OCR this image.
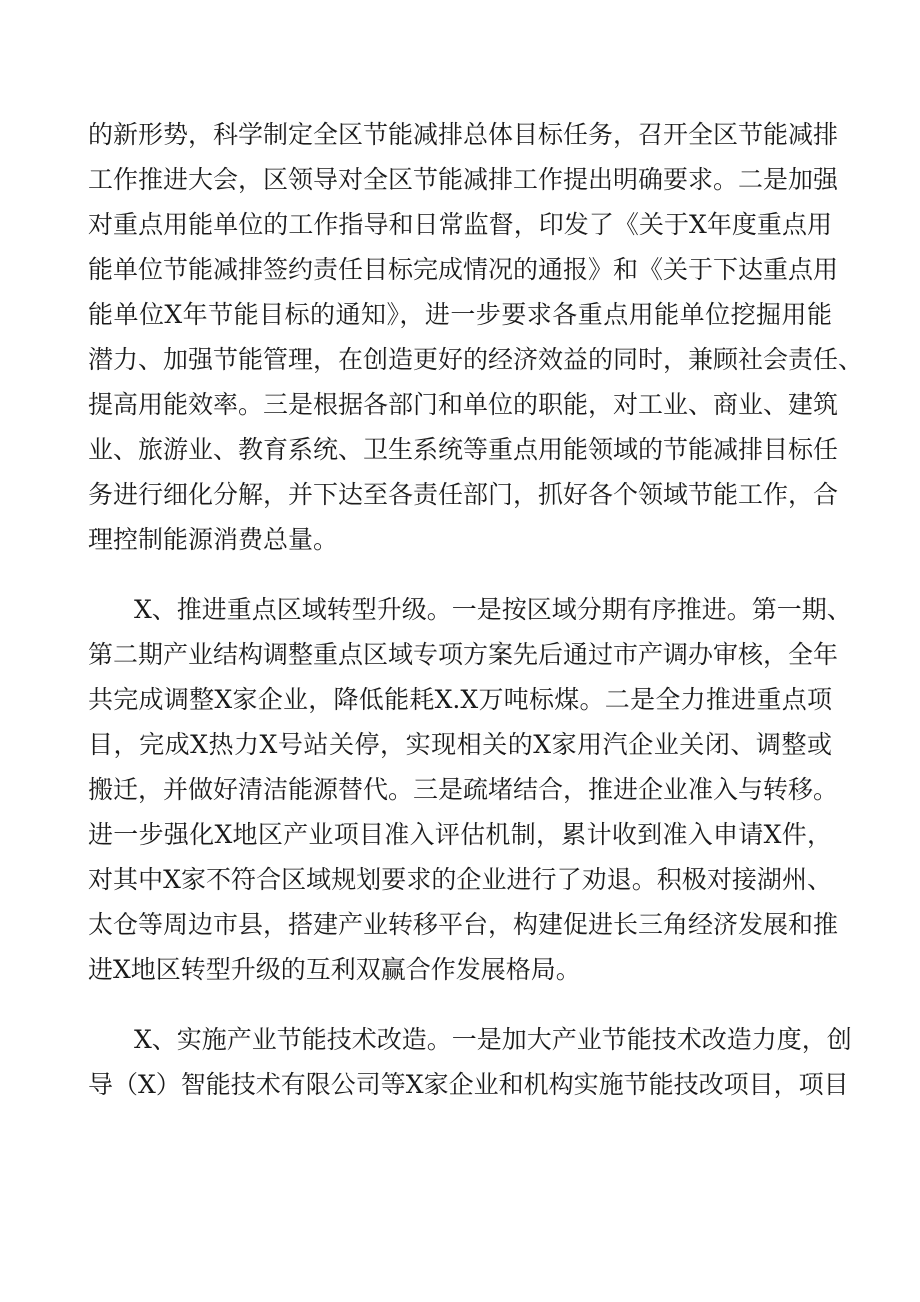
的新形势，科学制定全区节能减排总体目标任务，召开全区节能减排
工作推进大会，区领导对全区节能减排工作提出明确要求。二是加强
对重点用能单位的工作指导和日常监督，印发了《关于X年度重点用
能单位节能减排签约责任目标完成情况的通报》和《关于下达重点用
能单位X年节能目标的通知》，进一步要求各重点用能单位挖掘用能
潜力、加强节能管理，在创造更好的经济效益的同时，兼顾社会责任、
提高用能效率。三是根据各部门和单位的职能，对工业、商业、建筑
业、旅游业、教育系统、卫生系统等重点用能领域的节能减排目标任
务进行细化分解，并下达至各责任部门，抓好各个领域节能工作，合
理控制能源消费总量。
X、推进重点区域转型升级。一是按区域分期有序推进。第一期、
第二期产业结构调整重点区域专项方案先后通过市产调办审核，全年
共完成调整X家企业，降低能耗X.X万吨标煤。二是全力推进重点项
目，完成X热力X号站关停，实现相关的X家用汽企业关闭、调整或
搬迁，并做好清洁能源替代。三是疏堵结合，推进企业准入与转移。
进一步强化X地区产业项目准入评估机制，累计收到准入申请X件，
对其中X家不符合区域规划要求的企业进行了劝退。积极对接湖州、
太仓等周边市县，搭建产业转移平台，构建促进长三角经济发展和推
进X地区转型升级的互利双赢合作发展格局。
X、实施产业节能技术改造。一是加大产业节能技术改造力度，创
导（X）智能技术有限公司等X家企业和机构实施节能技改项目，项目
